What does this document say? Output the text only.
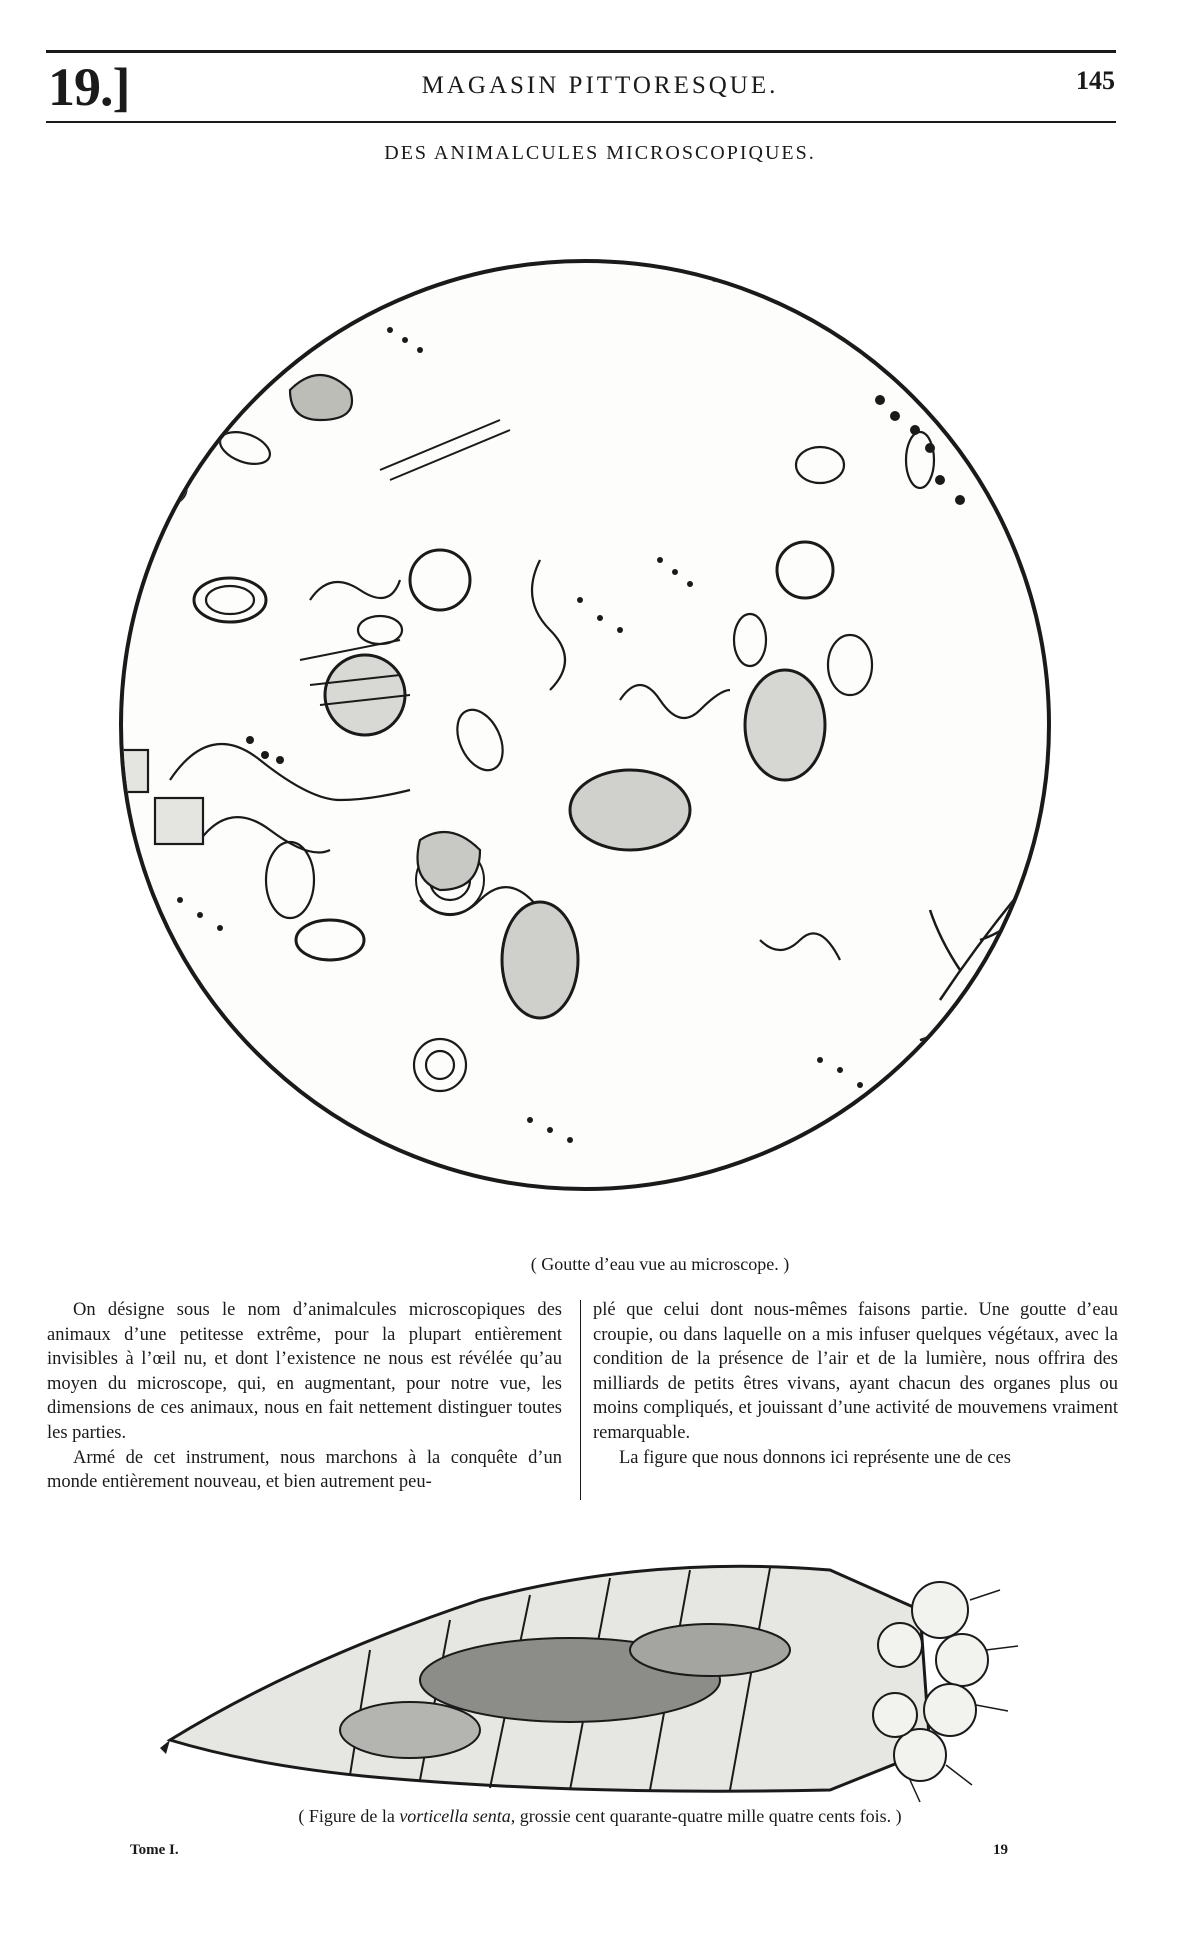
19.]	MAGASIN PITTORESQUE.	145
DES ANIMALCULES MICROSCOPIQUES.
( Goutte d’eau vue au microscope. )

On désigne sous le nom d’animalcules microscopiques des animaux d’une petitesse extrême, pour la plupart entièrement invisibles à l’œil nu, et dont l’existence ne nous est révélée qu’au moyen du microscope, qui, en augmentant, pour notre vue, les dimensions de ces animaux, nous en fait nettement distinguer toutes les parties.

Armé de cet instrument, nous marchons à la conquête d’un monde entièrement nouveau, et bien autrement peu-

plé que celui dont nous-mêmes faisons partie. Une goutte d’eau croupie, ou dans laquelle on a mis infuser quelques végétaux, avec la condition de la présence de l’air et de la lumière, nous offrira des milliards de petits êtres vivans, ayant chacun des organes plus ou moins compliqués, et jouissant d’une activité de mouvemens vraiment remarquable.

La figure que nous donnons ici représente une de ces

( Figure de la vorticella senta, grossie cent quarante-quatre mille quatre cents fois. )
Tome I.	19
